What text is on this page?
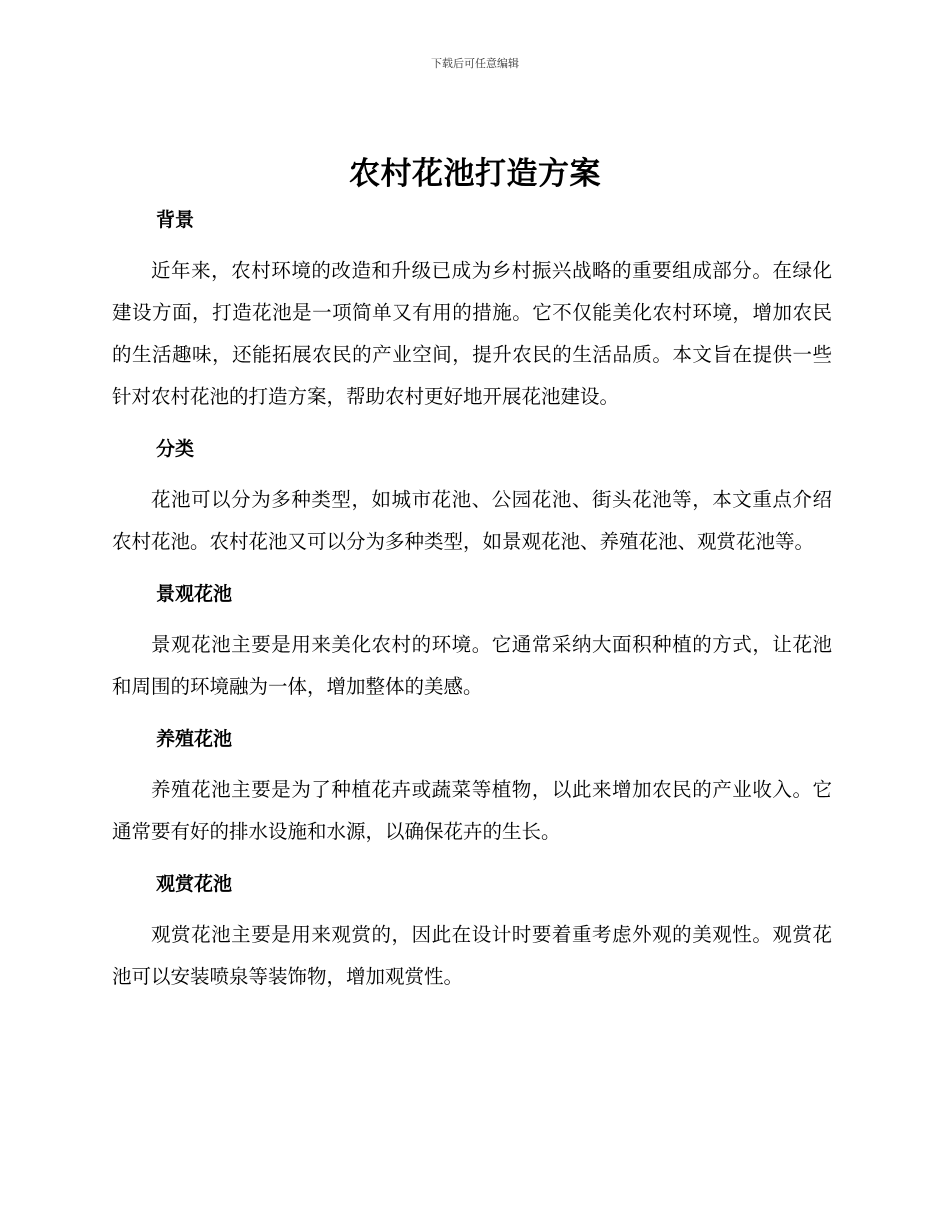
下载后可任意编辑
农村花池打造方案
背景

近年来，农村环境的改造和升级已成为乡村振兴战略的重要组成部分。在绿化建设方面，打造花池是一项简单又有用的措施。它不仅能美化农村环境，增加农民的生活趣味，还能拓展农民的产业空间，提升农民的生活品质。本文旨在提供一些针对农村花池的打造方案，帮助农村更好地开展花池建设。

分类

花池可以分为多种类型，如城市花池、公园花池、街头花池等，本文重点介绍农村花池。农村花池又可以分为多种类型，如景观花池、养殖花池、观赏花池等。

景观花池

景观花池主要是用来美化农村的环境。它通常采纳大面积种植的方式，让花池和周围的环境融为一体，增加整体的美感。

养殖花池

养殖花池主要是为了种植花卉或蔬菜等植物，以此来增加农民的产业收入。它通常要有好的排水设施和水源，以确保花卉的生长。

观赏花池

观赏花池主要是用来观赏的，因此在设计时要着重考虑外观的美观性。观赏花池可以安装喷泉等装饰物，增加观赏性。
